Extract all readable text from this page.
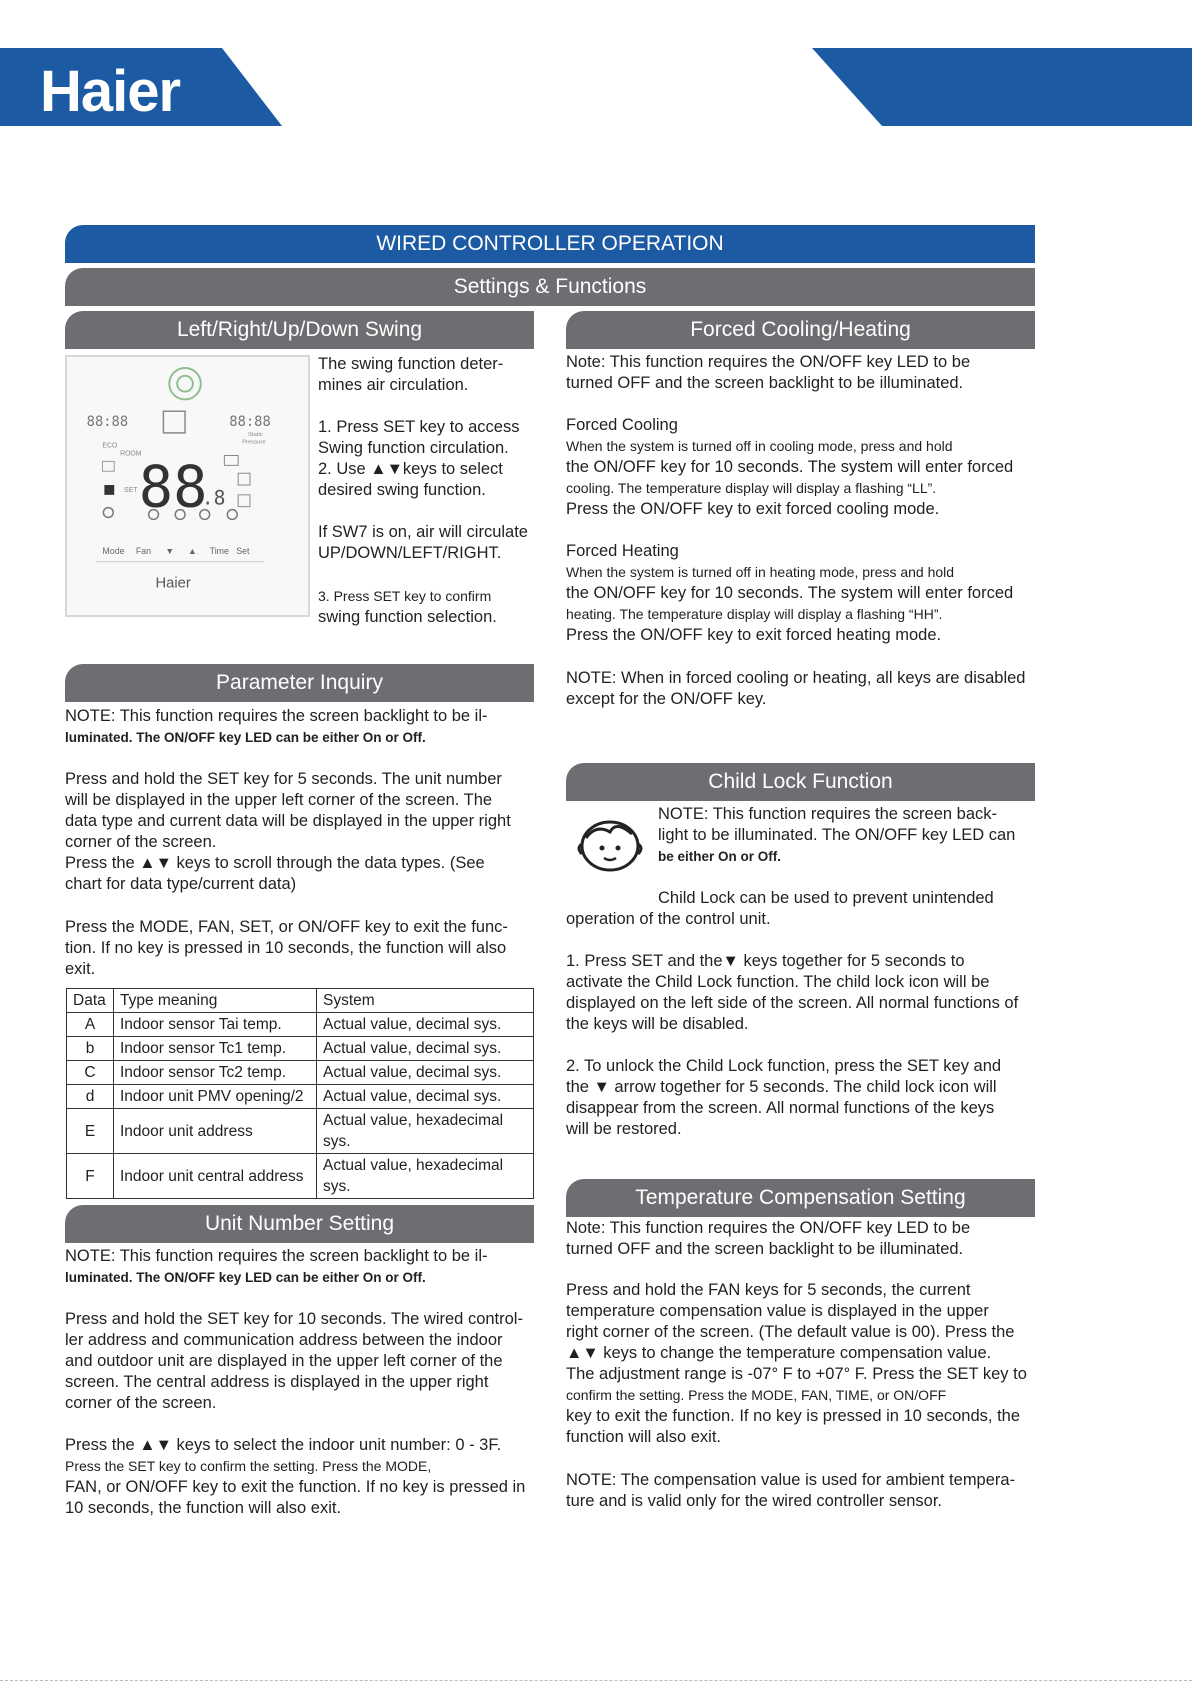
Haier
WIRED CONTROLLER OPERATION
Settings & Functions
Left/Right/Up/Down Swing
88:88	88:88
ECO
ROOM
Static
Pressure
SET 88
.8
Mode Fan ▼ ▲ Time Set
Haier
The swing function deter-
mines air circulation.
1. Press SET key to access
Swing function circulation.
2. Use ▲▼keys to select
desired swing function.
If SW7 is on, air will circulate
UP/DOWN/LEFT/RIGHT.
3. Press SET key to confirm
swing function selection.
Parameter Inquiry
NOTE: This function requires the screen backlight to be il-
luminated. The ON/OFF key LED can be either On or Off.
Press and hold the SET key for 5 seconds. The unit number
will be displayed in the upper left corner of the screen. The
data type and current data will be displayed in the upper right
corner of the screen.
Press the ▲▼ keys to scroll through the data types. (See
chart for data type/current data)
Press the MODE, FAN, SET, or ON/OFF key to exit the func-
tion. If no key is pressed in 10 seconds, the function will also
exit.
Data	Type meaning	System
A	Indoor sensor Tai temp.	Actual value, decimal sys.
b	Indoor sensor Tc1 temp.	Actual value, decimal sys.
C	Indoor sensor Tc2 temp.	Actual value, decimal sys.
d	Indoor unit PMV opening/2	Actual value, decimal sys.
E	Indoor unit address	Actual value, hexadecimal
sys.
F	Indoor unit central address	Actual value, hexadecimal
sys.
Unit Number Setting
NOTE: This function requires the screen backlight to be il-
luminated. The ON/OFF key LED can be either On or Off.
Press and hold the SET key for 10 seconds. The wired control-
ler address and communication address between the indoor
and outdoor unit are displayed in the upper left corner of the
screen. The central address is displayed in the upper right
corner of the screen.
Press the ▲▼ keys to select the indoor unit number: 0 - 3F.
Press the SET key to confirm the setting. Press the MODE,
FAN, or ON/OFF key to exit the function. If no key is pressed in
10 seconds, the function will also exit.
Forced Cooling/Heating
Note: This function requires the ON/OFF key LED to be
turned OFF and the screen backlight to be illuminated.
Forced Cooling
When the system is turned off in cooling mode, press and hold
the ON/OFF key for 10 seconds. The system will enter forced
cooling. The temperature display will display a flashing “LL”.
Press the ON/OFF key to exit forced cooling mode.
Forced Heating
When the system is turned off in heating mode, press and hold
the ON/OFF key for 10 seconds. The system will enter forced
heating. The temperature display will display a flashing “HH”.
Press the ON/OFF key to exit forced heating mode.
NOTE: When in forced cooling or heating, all keys are disabled
except for the ON/OFF key.
Child Lock Function
NOTE: This function requires the screen back-
light to be illuminated. The ON/OFF key LED can
be either On or Off.
Child Lock can be used to prevent unintended
operation of the control unit.
1. Press SET and the▼ keys together for 5 seconds to
activate the Child Lock function. The child lock icon will be
displayed on the left side of the screen. All normal functions of
the keys will be disabled.
2. To unlock the Child Lock function, press the SET key and
the ▼ arrow together for 5 seconds. The child lock icon will
disappear from the screen. All normal functions of the keys
will be restored.
Temperature Compensation Setting
Note: This function requires the ON/OFF key LED to be
turned OFF and the screen backlight to be illuminated.
Press and hold the FAN keys for 5 seconds, the current
temperature compensation value is displayed in the upper
right corner of the screen. (The default value is 00). Press the
▲▼ keys to change the temperature compensation value.
The adjustment range is -07° F to +07° F. Press the SET key to
confirm the setting. Press the MODE, FAN, TIME, or ON/OFF
key to exit the function. If no key is pressed in 10 seconds, the
function will also exit.
NOTE: The compensation value is used for ambient tempera-
ture and is valid only for the wired controller sensor.
